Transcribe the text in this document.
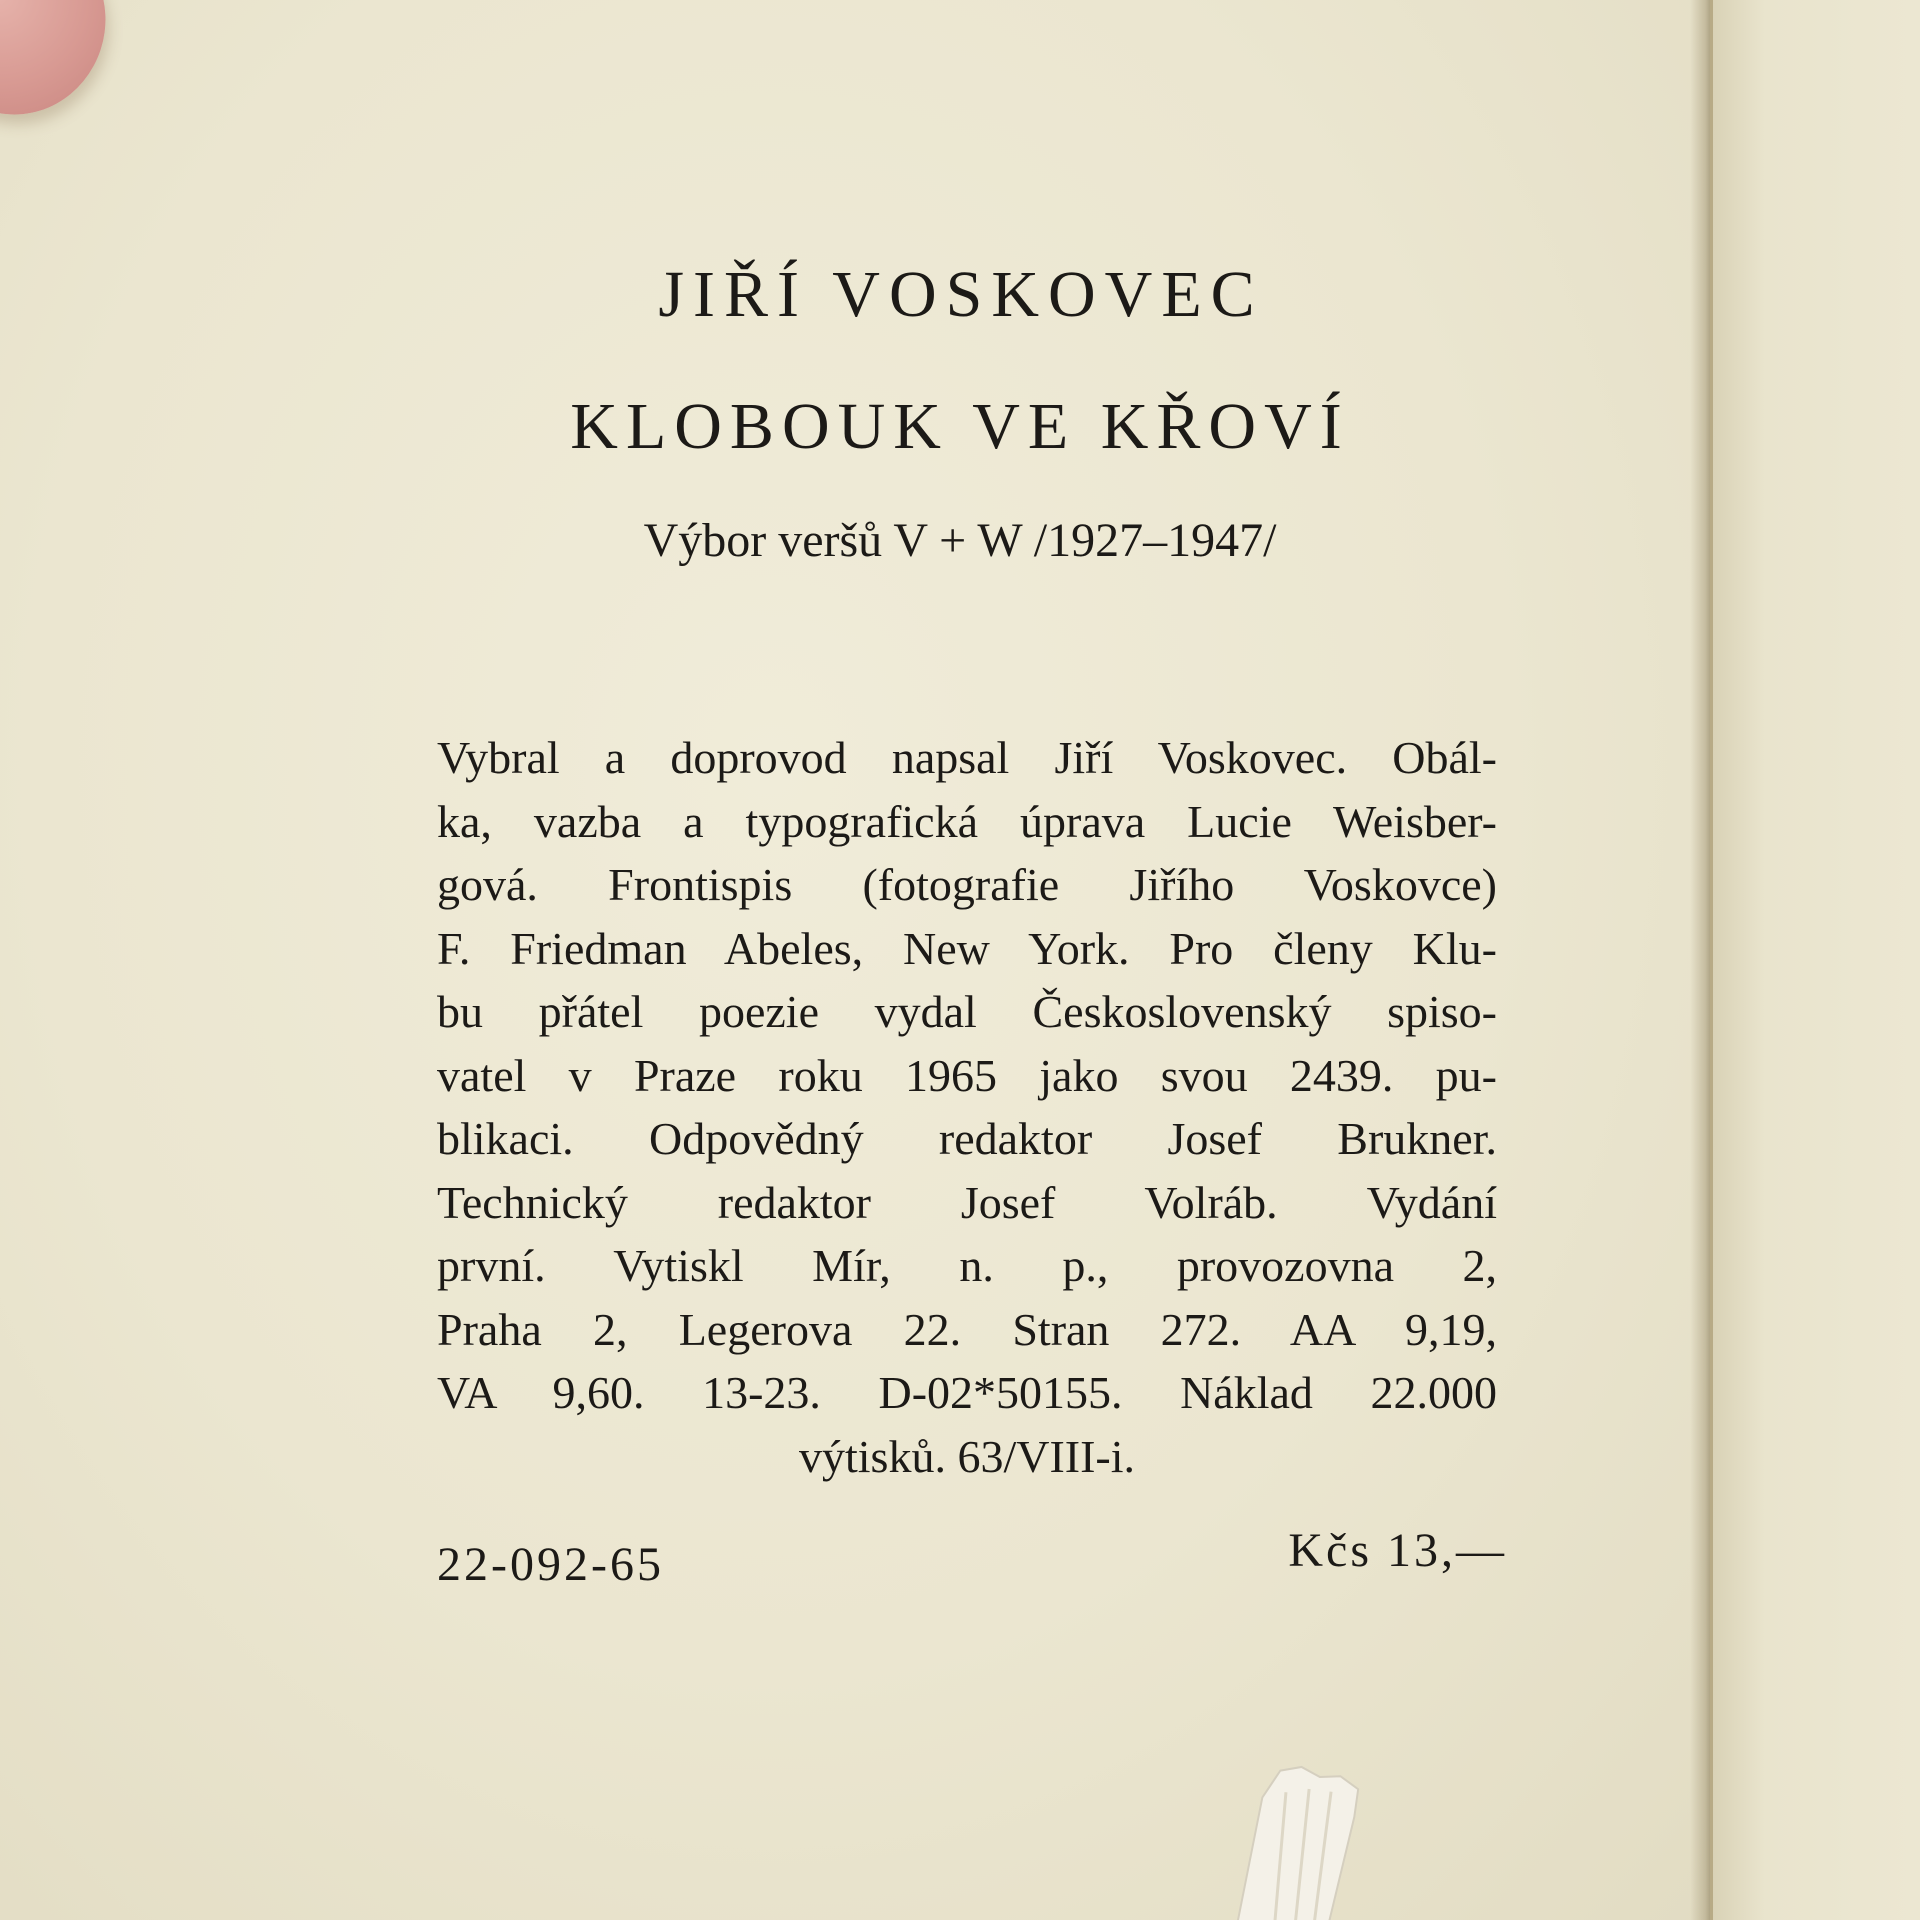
JIŘÍ VOSKOVEC
KLOBOUK VE KŘOVÍ
Výbor veršů V + W /1927–1947/
Vybral a doprovod napsal Jiří Voskovec. Obál-
ka, vazba a typografická úprava Lucie Weisber-
gová. Frontispis (fotografie Jiřího Voskovce)
F. Friedman Abeles, New York. Pro členy Klu-
bu přátel poezie vydal Československý spiso-
vatel v Praze roku 1965 jako svou 2439. pu-
blikaci. Odpovědný redaktor Josef Brukner.
Technický redaktor Josef Volráb. Vydání
první. Vytiskl Mír, n. p., provozovna 2,
Praha 2, Legerova 22. Stran 272. AA 9,19,
VA 9,60. 13-23. D-02*50155. Náklad 22.000
výtisků. 63/VIII-i.
22-092-65	Kčs 13,—
